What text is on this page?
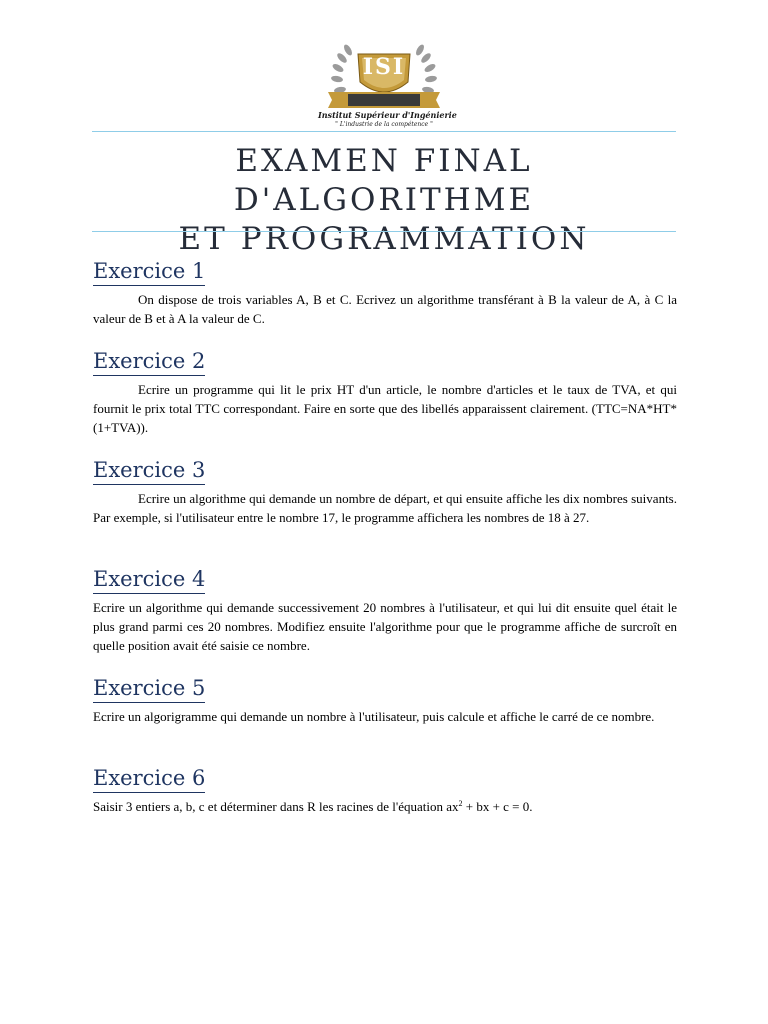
ISI
Institut Supérieur d'Ingénierie
" L'industrie de la compétence "
EXAMEN FINAL D'ALGORITHME
ET PROGRAMMATION
Exercice 1

On dispose de trois variables A, B et C. Ecrivez un algorithme transférant à B la valeur de A, à C la valeur de B et à A la valeur de C.

Exercice 2

Ecrire un programme qui lit le prix HT d'un article, le nombre d'articles et le taux de TVA, et qui fournit le prix total TTC correspondant. Faire en sorte que des libellés apparaissent clairement. (TTC=NA*HT*(1+TVA)).

Exercice 3

Ecrire un algorithme qui demande un nombre de départ, et qui ensuite affiche les dix nombres suivants. Par exemple, si l'utilisateur entre le nombre 17, le programme affichera les nombres de 18 à 27.

Exercice 4

Ecrire un algorithme qui demande successivement 20 nombres à l'utilisateur, et qui lui dit ensuite quel était le plus grand parmi ces 20 nombres. Modifiez ensuite l'algorithme pour que le programme affiche de surcroît en quelle position avait été saisie ce nombre.

Exercice 5

Ecrire un algorigramme qui demande un nombre à l'utilisateur, puis calcule et affiche le carré de ce nombre.

Exercice 6

Saisir 3 entiers a, b, c et déterminer dans R les racines de l'équation $ax^2$ + bx + c = 0.
